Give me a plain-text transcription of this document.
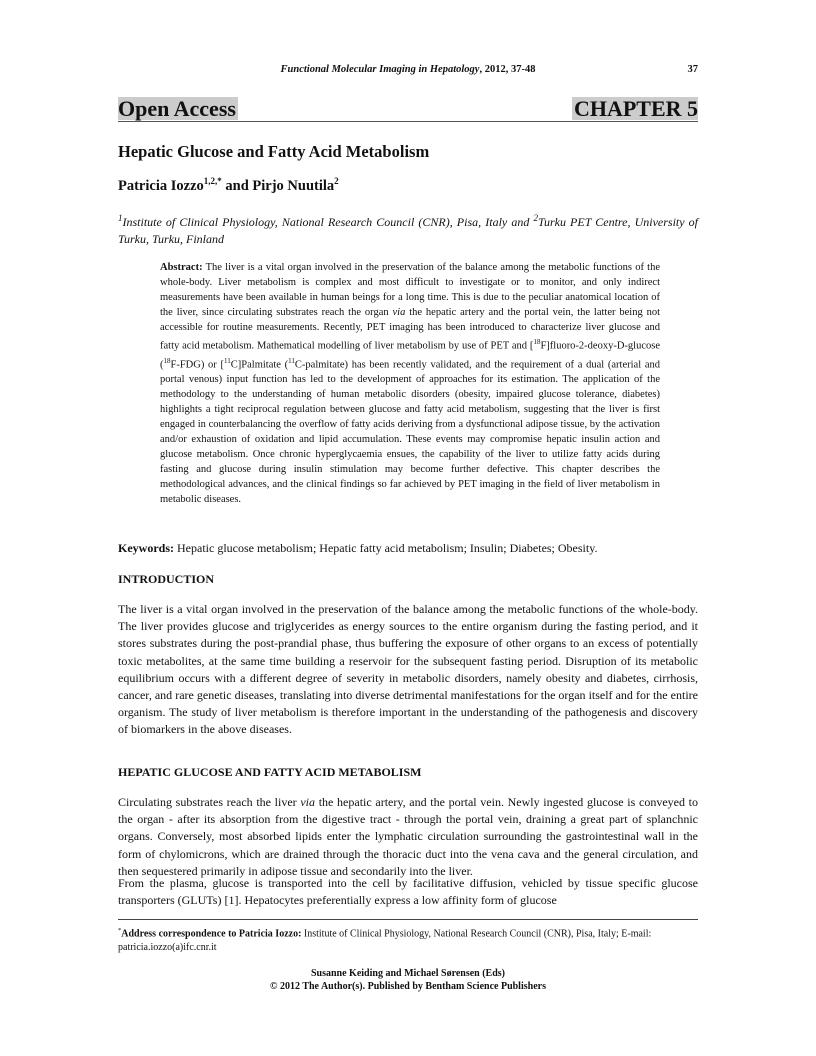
Functional Molecular Imaging in Hepatology, 2012, 37-48	37
Open Access	CHAPTER 5
Hepatic Glucose and Fatty Acid Metabolism
Patricia Iozzo$^{1,2,*}$ and Pirjo Nuutila$^2$
$^1$Institute of Clinical Physiology, National Research Council (CNR), Pisa, Italy and $^2$Turku PET Centre, University of Turku, Turku, Finland
Abstract: The liver is a vital organ involved in the preservation of the balance among the metabolic functions of the whole-body. Liver metabolism is complex and most difficult to investigate or to monitor, and only indirect measurements have been available in human beings for a long time. This is due to the peculiar anatomical location of the liver, since circulating substrates reach the organ via the hepatic artery and the portal vein, the latter being not accessible for routine measurements. Recently, PET imaging has been introduced to characterize liver glucose and fatty acid metabolism. Mathematical modelling of liver metabolism by use of PET and [$^{18}$F]fluoro-2-deoxy-D-glucose ($^{18}$F-FDG) or [$^{11}$C]Palmitate ($^{11}$C-palmitate) has been recently validated, and the requirement of a dual (arterial and portal venous) input function has led to the development of approaches for its estimation. The application of the methodology to the understanding of human metabolic disorders (obesity, impaired glucose tolerance, diabetes) highlights a tight reciprocal regulation between glucose and fatty acid metabolism, suggesting that the liver is first engaged in counterbalancing the overflow of fatty acids deriving from a dysfunctional adipose tissue, by the activation and/or exhaustion of oxidation and lipid accumulation. These events may compromise hepatic insulin action and glucose metabolism. Once chronic hyperglycaemia ensues, the capability of the liver to utilize fatty acids during fasting and glucose during insulin stimulation may become further defective. This chapter describes the methodological advances, and the clinical findings so far achieved by PET imaging in the field of liver metabolism in metabolic diseases.
Keywords: Hepatic glucose metabolism; Hepatic fatty acid metabolism; Insulin; Diabetes; Obesity.
INTRODUCTION
The liver is a vital organ involved in the preservation of the balance among the metabolic functions of the whole-body. The liver provides glucose and triglycerides as energy sources to the entire organism during the fasting period, and it stores substrates during the post-prandial phase, thus buffering the exposure of other organs to an excess of potentially toxic metabolites, at the same time building a reservoir for the subsequent fasting period. Disruption of its metabolic equilibrium occurs with a different degree of severity in metabolic disorders, namely obesity and diabetes, cirrhosis, cancer, and rare genetic diseases, translating into diverse detrimental manifestations for the organ itself and for the entire organism. The study of liver metabolism is therefore important in the understanding of the pathogenesis and discovery of biomarkers in the above diseases.
HEPATIC GLUCOSE AND FATTY ACID METABOLISM
Circulating substrates reach the liver via the hepatic artery, and the portal vein. Newly ingested glucose is conveyed to the organ - after its absorption from the digestive tract - through the portal vein, draining a great part of splanchnic organs. Conversely, most absorbed lipids enter the lymphatic circulation surrounding the gastrointestinal wall in the form of chylomicrons, which are drained through the thoracic duct into the vena cava and the general circulation, and then sequestered primarily in adipose tissue and secondarily into the liver.
From the plasma, glucose is transported into the cell by facilitative diffusion, vehicled by tissue specific glucose transporters (GLUTs) [1]. Hepatocytes preferentially express a low affinity form of glucose
*Address correspondence to Patricia Iozzo: Institute of Clinical Physiology, National Research Council (CNR), Pisa, Italy; E-mail: patricia.iozzo(a)ifc.cnr.it
Susanne Keiding and Michael Sørensen (Eds)
© 2012 The Author(s). Published by Bentham Science Publishers
